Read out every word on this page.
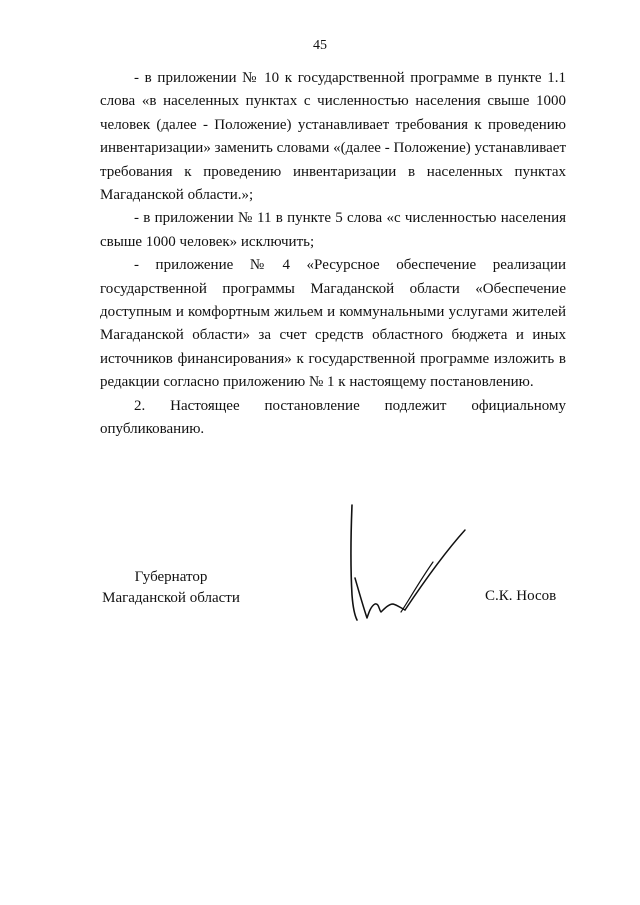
45

- в приложении № 10 к государственной программе в пункте 1.1 слова «в населенных пунктах с численностью населения свыше 1000 человек (далее - Положение) устанавливает требования к проведению инвентаризации» заменить словами «(далее - Положение) устанавливает требования к проведению инвентаризации в населенных пунктах Магаданской области.»;

- в приложении № 11 в пункте 5 слова «с численностью населения свыше 1000 человек» исключить;

-   приложение   №   4   «Ресурсное   обеспечение   реализации государственной программы Магаданской области «Обеспечение доступным и комфортным жильем и коммунальными услугами жителей Магаданской области» за счет средств областного бюджета и иных источников финансирования» к государственной программе изложить в редакции согласно приложению № 1 к настоящему постановлению.

2.   Настоящее   постановление   подлежит   официальному опубликованию.

Губернатор
Магаданской области	С.К. Носов
